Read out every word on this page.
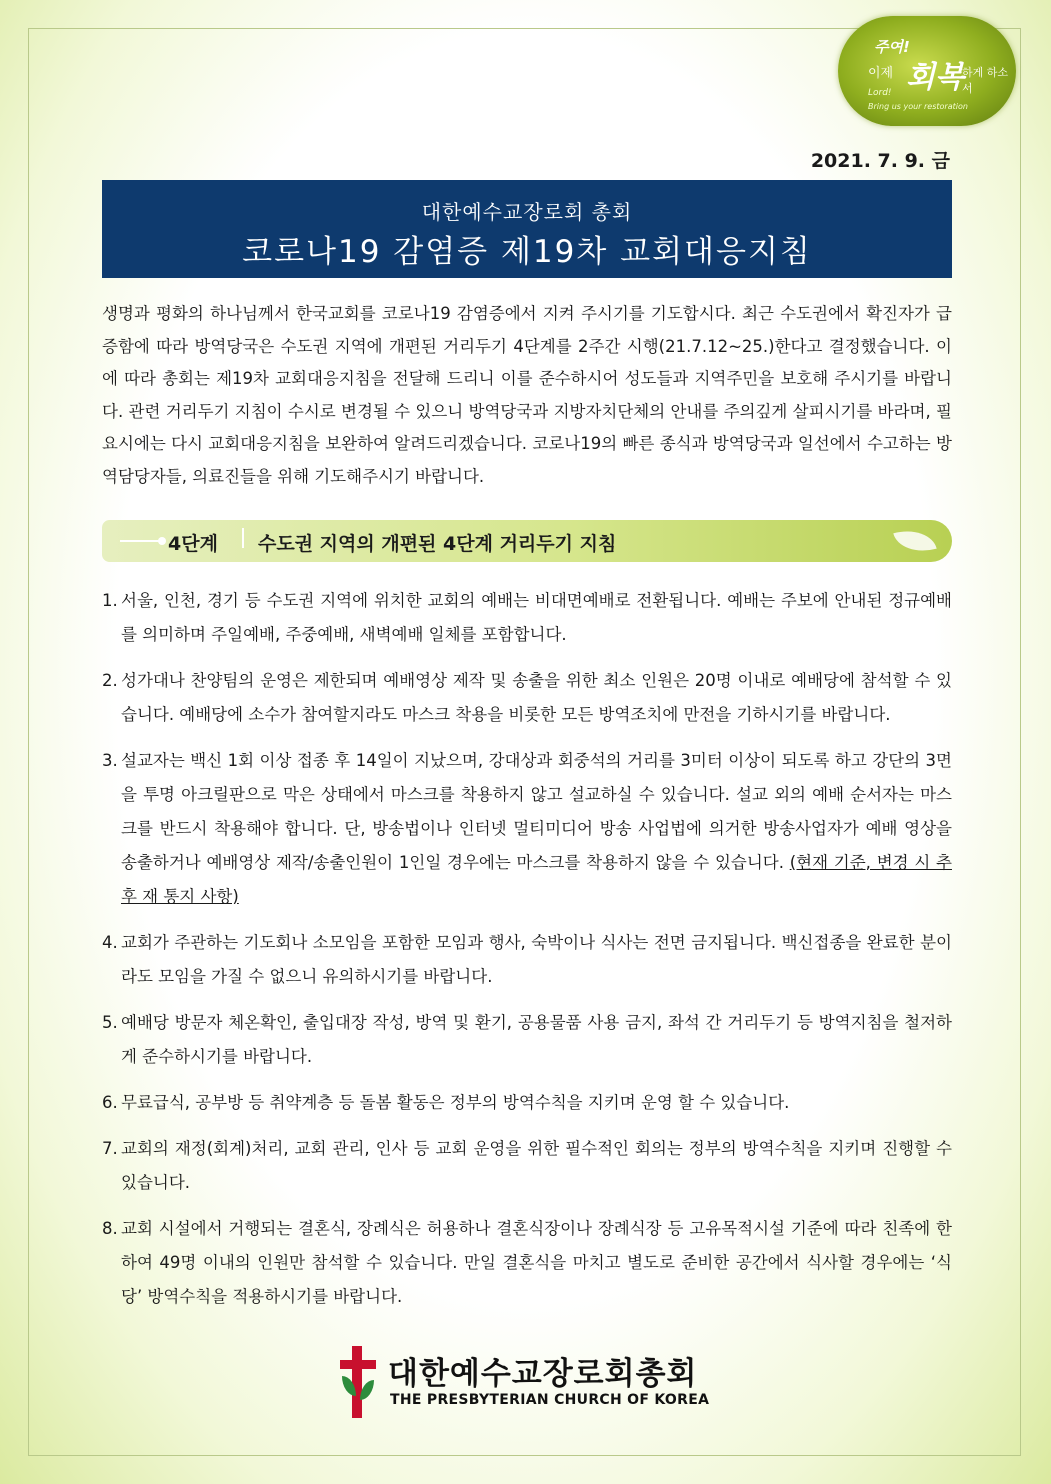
주여!
이제 회복
하게 하소서
Lord!
Bring us your restoration
2021. 7. 9. 금
대한예수교장로회 총회
코로나19 감염증 제19차 교회대응지침
생명과 평화의 하나님께서 한국교회를 코로나19 감염증에서 지켜 주시기를 기도합시다. 최근 수도권에서 확진자가 급증함에 따라 방역당국은 수도권 지역에 개편된 거리두기 4단계를 2주간 시행(21.7.12~25.)한다고 결정했습니다. 이에 따라 총회는 제19차 교회대응지침을 전달해 드리니 이를 준수하시어 성도들과 지역주민을 보호해 주시기를 바랍니다. 관련 거리두기 지침이 수시로 변경될 수 있으니 방역당국과 지방자치단체의 안내를 주의깊게 살피시기를 바라며, 필요시에는 다시 교회대응지침을 보완하여 알려드리겠습니다. 코로나19의 빠른 종식과 방역당국과 일선에서 수고하는 방역담당자들, 의료진들을 위해 기도해주시기 바랍니다.
4단계 수도권 지역의 개편된 4단계 거리두기 지침
1. 서울, 인천, 경기 등 수도권 지역에 위치한 교회의 예배는 비대면예배로 전환됩니다. 예배는 주보에 안내된 정규예배를 의미하며 주일예배, 주중예배, 새벽예배 일체를 포함합니다.
2. 성가대나 찬양팀의 운영은 제한되며 예배영상 제작 및 송출을 위한 최소 인원은 20명 이내로 예배당에 참석할 수 있습니다. 예배당에 소수가 참여할지라도 마스크 착용을 비롯한 모든 방역조치에 만전을 기하시기를 바랍니다.
3. 설교자는 백신 1회 이상 접종 후 14일이 지났으며, 강대상과 회중석의 거리를 3미터 이상이 되도록 하고 강단의 3면을 투명 아크릴판으로 막은 상태에서 마스크를 착용하지 않고 설교하실 수 있습니다. 설교 외의 예배 순서자는 마스크를 반드시 착용해야 합니다. 단, 방송법이나 인터넷 멀티미디어 방송 사업법에 의거한 방송사업자가 예배 영상을 송출하거나 예배영상 제작/송출인원이 1인일 경우에는 마스크를 착용하지 않을 수 있습니다. (현재 기준, 변경 시 추후 재 통지 사항)
4. 교회가 주관하는 기도회나 소모임을 포함한 모임과 행사, 숙박이나 식사는 전면 금지됩니다. 백신접종을 완료한 분이라도 모임을 가질 수 없으니 유의하시기를 바랍니다.
5. 예배당 방문자 체온확인, 출입대장 작성, 방역 및 환기, 공용물품 사용 금지, 좌석 간 거리두기 등 방역지침을 철저하게 준수하시기를 바랍니다.
6. 무료급식, 공부방 등 취약계층 등 돌봄 활동은 정부의 방역수칙을 지키며 운영 할 수 있습니다.
7. 교회의 재정(회계)처리, 교회 관리, 인사 등 교회 운영을 위한 필수적인 회의는 정부의 방역수칙을 지키며 진행할 수 있습니다.
8. 교회 시설에서 거행되는 결혼식, 장례식은 허용하나 결혼식장이나 장례식장 등 고유목적시설 기준에 따라 친족에 한하여 49명 이내의 인원만 참석할 수 있습니다. 만일 결혼식을 마치고 별도로 준비한 공간에서 식사할 경우에는 ‘식당’ 방역수칙을 적용하시기를 바랍니다.
대한예수교장로회총회
THE PRESBYTERIAN CHURCH OF KOREA
